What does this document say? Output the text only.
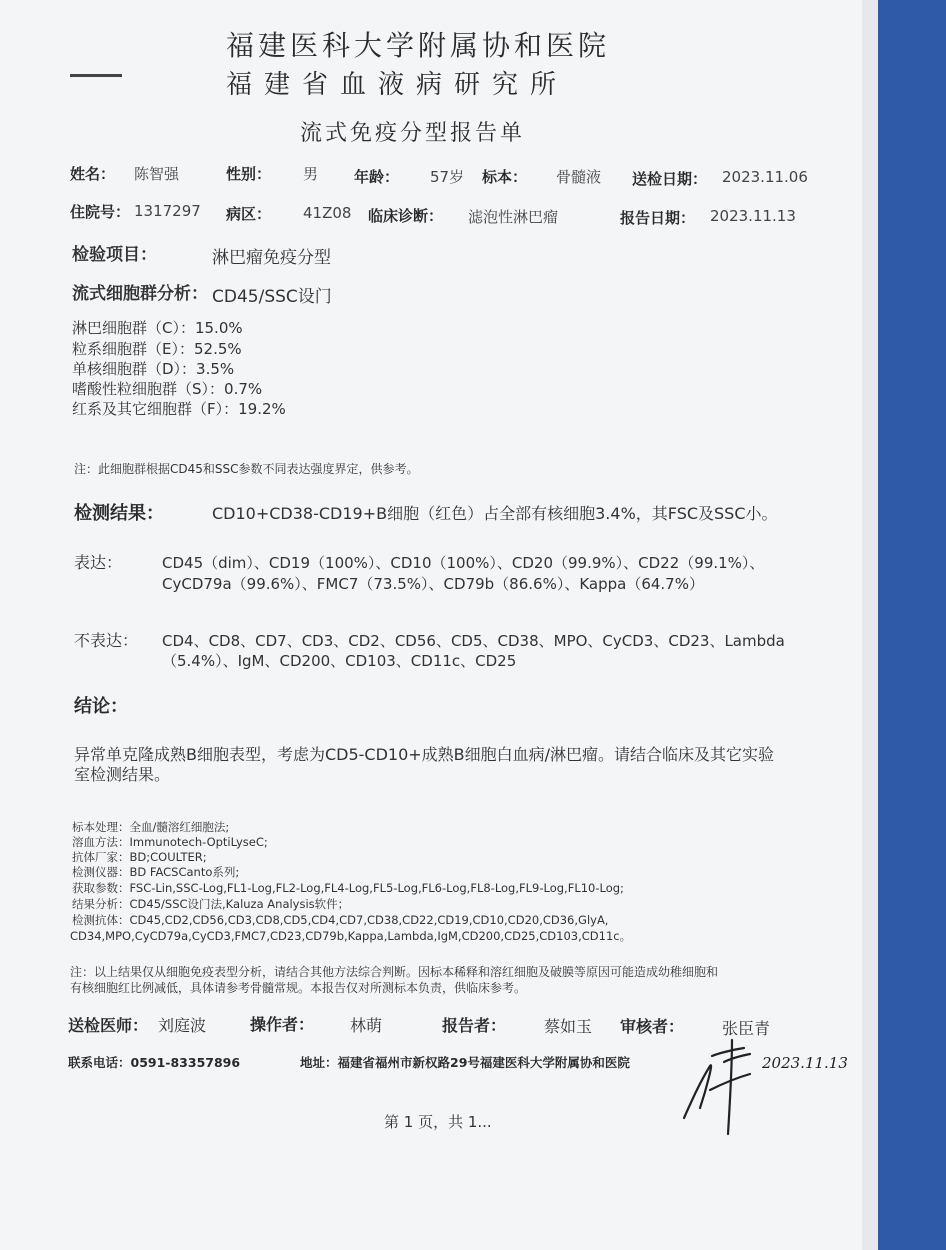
福建医科大学附属协和医院
福建省血液病研究所
流式免疫分型报告单
姓名： 陈智强	性别： 男 年龄： 57岁 标本： 骨髓液 送检日期： 2023.11.06
住院号： 1317297 病区： 41Z08 临床诊断： 滤泡性淋巴瘤	报告日期： 2023.11.13
检验项目：	淋巴瘤免疫分型
流式细胞群分析： CD45/SSC设门
淋巴细胞群（C）：15.0%
粒系细胞群（E）：52.5%
单核细胞群（D）：3.5%
嗜酸性粒细胞群（S）：0.7%
红系及其它细胞群（F）：19.2%
注：此细胞群根据CD45和SSC参数不同表达强度界定，供参考。
检测结果：	CD10+CD38-CD19+B细胞（红色）占全部有核细胞3.4%，其FSC及SSC小。
表达：	CD45（dim）、CD19（100%）、CD10（100%）、CD20（99.9%）、CD22（99.1%）、
CyCD79a（99.6%）、FMC7（73.5%）、CD79b（86.6%）、Kappa（64.7%）
不表达： CD4、CD8、CD7、CD3、CD2、CD56、CD5、CD38、MPO、CyCD3、CD23、Lambda
（5.4%）、IgM、CD200、CD103、CD11c、CD25
结论：
异常单克隆成熟B细胞表型，考虑为CD5-CD10+成熟B细胞白血病/淋巴瘤。请结合临床及其它实验
室检测结果。
标本处理：全血/髓溶红细胞法;
溶血方法：Immunotech-OptiLyseC;
抗体厂家：BD;COULTER;
检测仪器：BD FACSCanto系列;
获取参数：FSC-Lin,SSC-Log,FL1-Log,FL2-Log,FL4-Log,FL5-Log,FL6-Log,FL8-Log,FL9-Log,FL10-Log;
结果分析：CD45/SSC设门法,Kaluza Analysis软件；
检测抗体：CD45,CD2,CD56,CD3,CD8,CD5,CD4,CD7,CD38,CD22,CD19,CD10,CD20,CD36,GlyA,
CD34,MPO,CyCD79a,CyCD3,FMC7,CD23,CD79b,Kappa,Lambda,IgM,CD200,CD25,CD103,CD11c。
注：以上结果仅从细胞免疫表型分析，请结合其他方法综合判断。因标本稀释和溶红细胞及破膜等原因可能造成幼稚细胞和
有核细胞红比例减低，具体请参考骨髓常规。本报告仅对所测标本负责，供临床参考。
送检医师： 刘庭波	操作者： 林萌	报告者： 蔡如玉 审核者： 张臣青
联系电话：0591-83357896	地址：福建省福州市新权路29号福建医科大学附属协和医院	2023.11.13
第 1 页，共 1...
